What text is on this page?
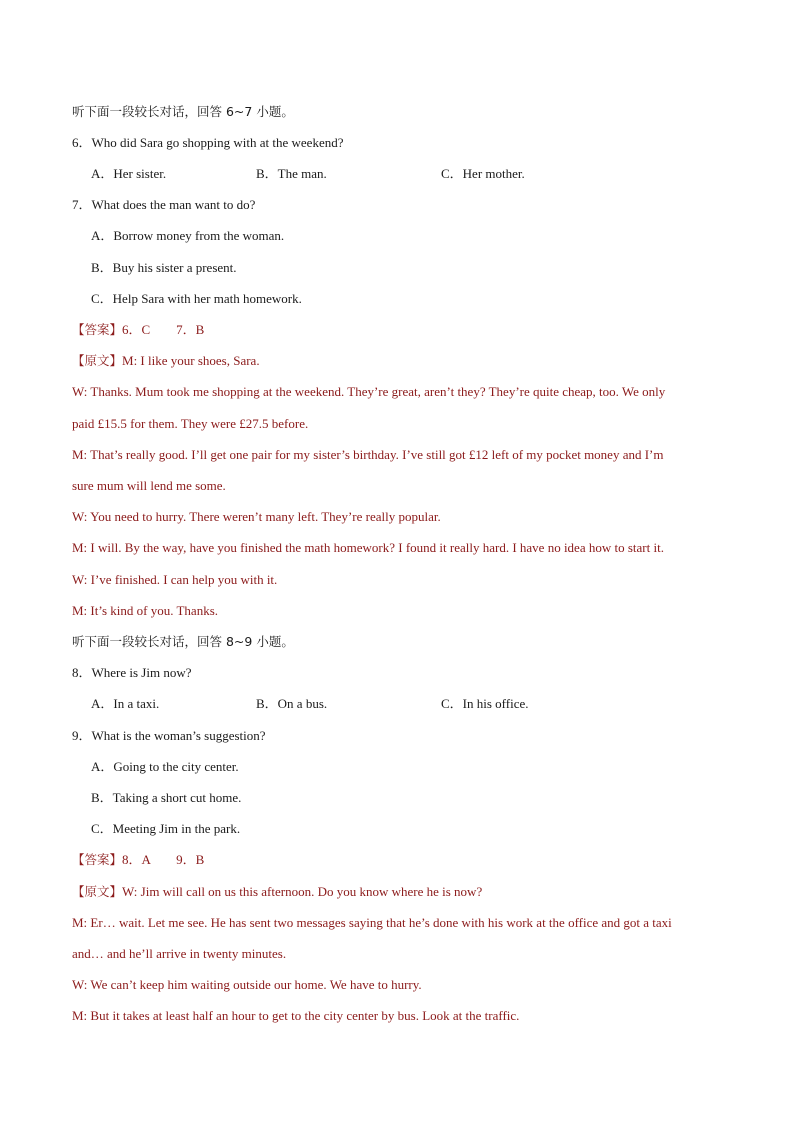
听下面一段较长对话，回答 6~7 小题。
6．Who did Sara go shopping with at the weekend?
A．Her sister.	B．The man.	C．Her mother.
7．What does the man want to do?
A．Borrow money from the woman.
B．Buy his sister a present.
C．Help Sara with her math homework.
【答案】6．C　　7．B
【原文】M: I like your shoes, Sara.
W: Thanks. Mum took me shopping at the weekend. They’re great, aren’t they? They’re quite cheap, too. We only
paid £15.5 for them. They were £27.5 before.
M: That’s really good. I’ll get one pair for my sister’s birthday. I’ve still got £12 left of my pocket money and I’m
sure mum will lend me some.
W: You need to hurry. There weren’t many left. They’re really popular.
M: I will. By the way, have you finished the math homework? I found it really hard. I have no idea how to start it.
W: I’ve finished. I can help you with it.
M: It’s kind of you. Thanks.
听下面一段较长对话，回答 8~9 小题。
8．Where is Jim now?
A．In a taxi.	B．On a bus.	C．In his office.
9．What is the woman’s suggestion?
A．Going to the city center.
B．Taking a short cut home.
C．Meeting Jim in the park.
【答案】8．A　　9．B
【原文】W: Jim will call on us this afternoon. Do you know where he is now?
M: Er… wait. Let me see. He has sent two messages saying that he’s done with his work at the office and got a taxi
and… and he’ll arrive in twenty minutes.
W: We can’t keep him waiting outside our home. We have to hurry.
M: But it takes at least half an hour to get to the city center by bus. Look at the traffic.
